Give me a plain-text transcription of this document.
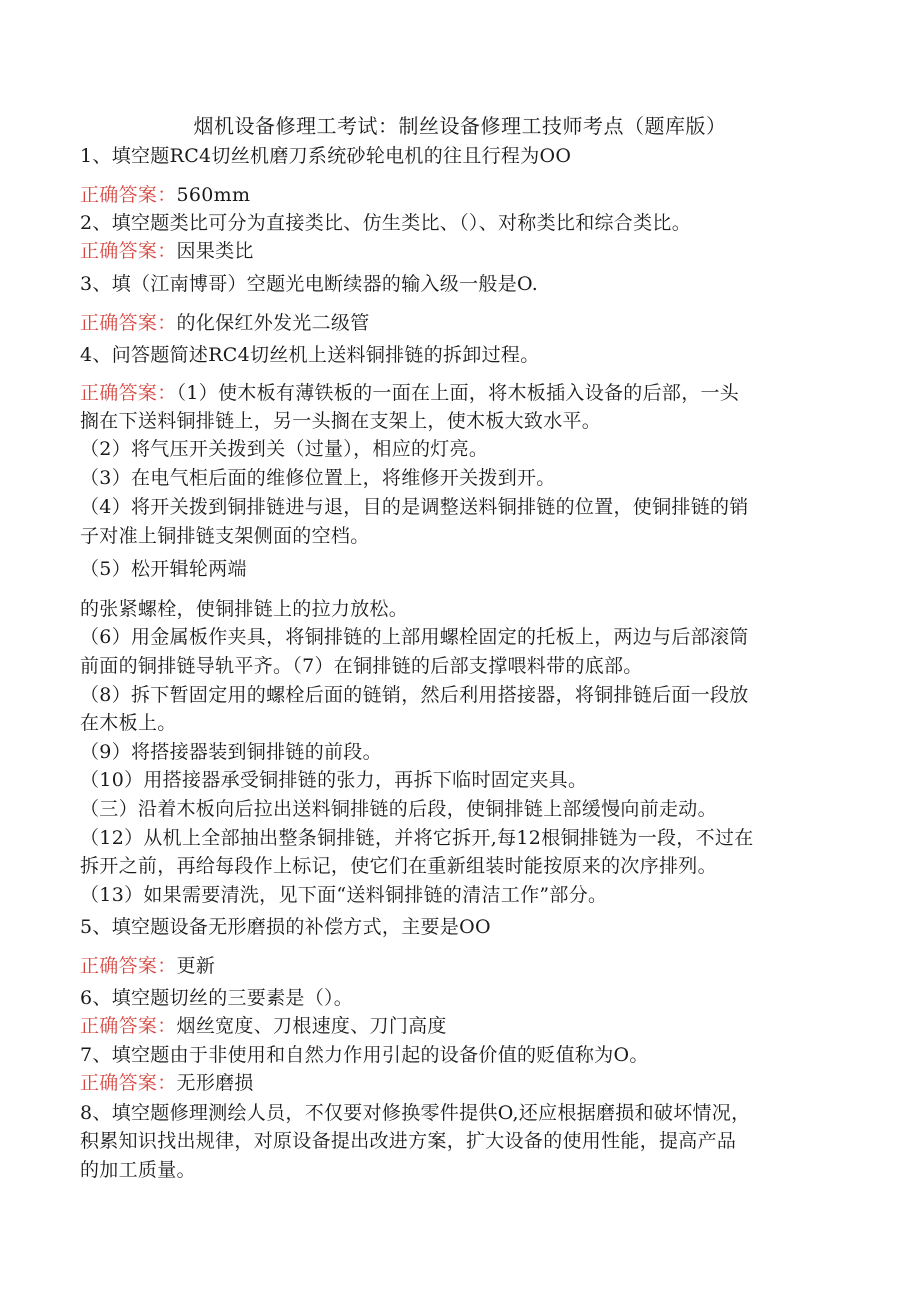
烟机设备修理工考试：制丝设备修理工技师考点（题库版）
1、填空题RC4切丝机磨刀系统砂轮电机的往且行程为OO
正确答案：560mm
2、填空题类比可分为直接类比、仿生类比、（）、对称类比和综合类比。
正确答案：因果类比
3、填（江南博哥）空题光电断续器的输入级一般是O.
正确答案：的化保红外发光二级管
4、问答题简述RC4切丝机上送料铜排链的拆卸过程。
正确答案：（1）使木板有薄铁板的一面在上面，将木板插入设备的后部，一头
搁在下送料铜排链上，另一头搁在支架上，使木板大致水平。
（2）将气压开关拨到关（过量），相应的灯亮。
（3）在电气柜后面的维修位置上，将维修开关拨到开。
（4）将开关拨到铜排链进与退，目的是调整送料铜排链的位置，使铜排链的销
子对准上铜排链支架侧面的空档。
（5）松开辑轮两端
的张紧螺栓，使铜排链上的拉力放松。
（6）用金属板作夹具，将铜排链的上部用螺栓固定的托板上，两边与后部滚筒
前面的铜排链导轨平齐。（7）在铜排链的后部支撑喂料带的底部。
（8）拆下暂固定用的螺栓后面的链销，然后利用搭接器，将铜排链后面一段放
在木板上。
（9）将搭接器装到铜排链的前段。
（10）用搭接器承受铜排链的张力，再拆下临时固定夹具。
（三）沿着木板向后拉出送料铜排链的后段，使铜排链上部缓慢向前走动。
（12）从机上全部抽出整条铜排链，并将它拆开,每12根铜排链为一段，不过在
拆开之前，再给每段作上标记，使它们在重新组装时能按原来的次序排列。
（13）如果需要清洗，见下面“送料铜排链的清洁工作”部分。
5、填空题设备无形磨损的补偿方式，主要是OO
正确答案：更新
6、填空题切丝的三要素是（）。
正确答案：烟丝宽度、刀根速度、刀门高度
7、填空题由于非使用和自然力作用引起的设备价值的贬值称为O。
正确答案：无形磨损
8、填空题修理测绘人员，不仅要对修换零件提供O,还应根据磨损和破坏情况，
积累知识找出规律，对原设备提出改进方案，扩大设备的使用性能，提高产品
的加工质量。
